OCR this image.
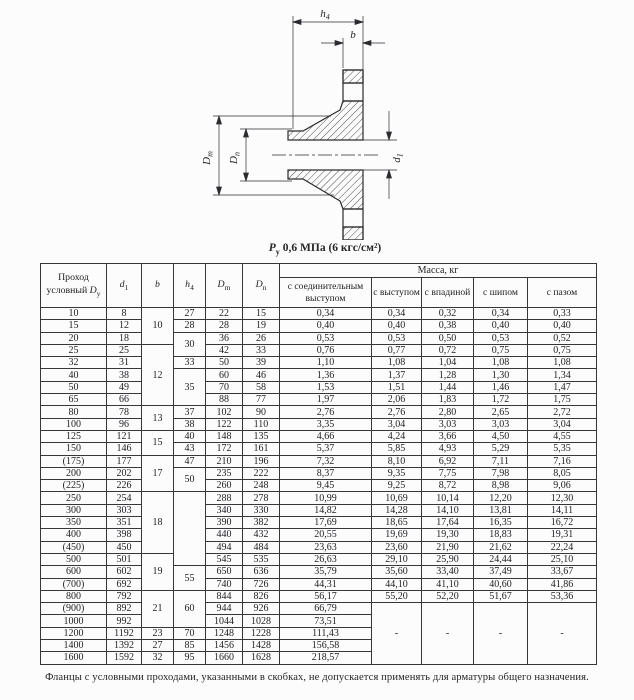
$h_4$
b
$D_m$
$D_n$
$d_1$
$P_у$ 0,6 МПа (6 кгс/см²)
Проход
условный $D_у$	$d_1$	b	$h_4$	$D_m$	$D_n$	Масса, кг				
						с соединительным выступом	с выступом	с впадиной	с шипом	с пазом
10	8	10	27	22	15	0,34	0,34	0,32	0,34	0,33
15	12		28	28	19	0,40	0,40	0,38	0,40	0,40
20	18		30	36	26	0,53	0,53	0,50	0,53	0,52
25	25	12		42	33	0,76	0,77	0,72	0,75	0,75
32	31		33	50	39	1,10	1,08	1,04	1,08	1,08
40	38		35	60	46	1,36	1,37	1,28	1,30	1,34
50	49			70	58	1,53	1,51	1,44	1,46	1,47
65	66			88	77	1,97	2,06	1,83	1,72	1,75
80	78	13	37	102	90	2,76	2,76	2,80	2,65	2,72
100	96		38	122	110	3,35	3,04	3,03	3,03	3,04
125	121	15	40	148	135	4,66	4,24	3,66	4,50	4,55
150	146		43	172	161	5,37	5,85	4,93	5,29	5,35
(175)	177	17	47	210	196	7,32	8,10	6,92	7,11	7,16
200	202		50	235	222	8,37	9,35	7,75	7,98	8,05
(225)	226			260	248	9,45	9,25	8,72	8,98	9,06
250	254	18		288	278	10,99	10,69	10,14	12,20	12,30
300	303			340	330	14,82	14,28	14,10	13,81	14,11
350	351			390	382	17,69	18,65	17,64	16,35	16,72
400	398			440	432	20,55	19,69	19,30	18,83	19,31
(450)	450			494	484	23,63	23,60	21,90	21,62	22,24
500	501	19		545	535	26,63	29,10	25,90	24,44	25,10
600	602		55	650	636	35,79	35,60	33,40	37,49	33,67
(700)	692			740	726	44,31	44,10	41,10	40,60	41,86
800	792	21	60	844	826	56,17	55,20	52,20	51,67	53,36
(900)	892			944	926	66,79	-	-	-	-
1000	992			1044	1028	73,51				
1200	1192	23	70	1248	1228	111,43				
1400	1392	27	85	1456	1428	156,58				
1600	1592	32	95	1660	1628	218,57				
Фланцы с условными проходами, указанными в скобках, не допускается применять для арматуры общего назначения.
